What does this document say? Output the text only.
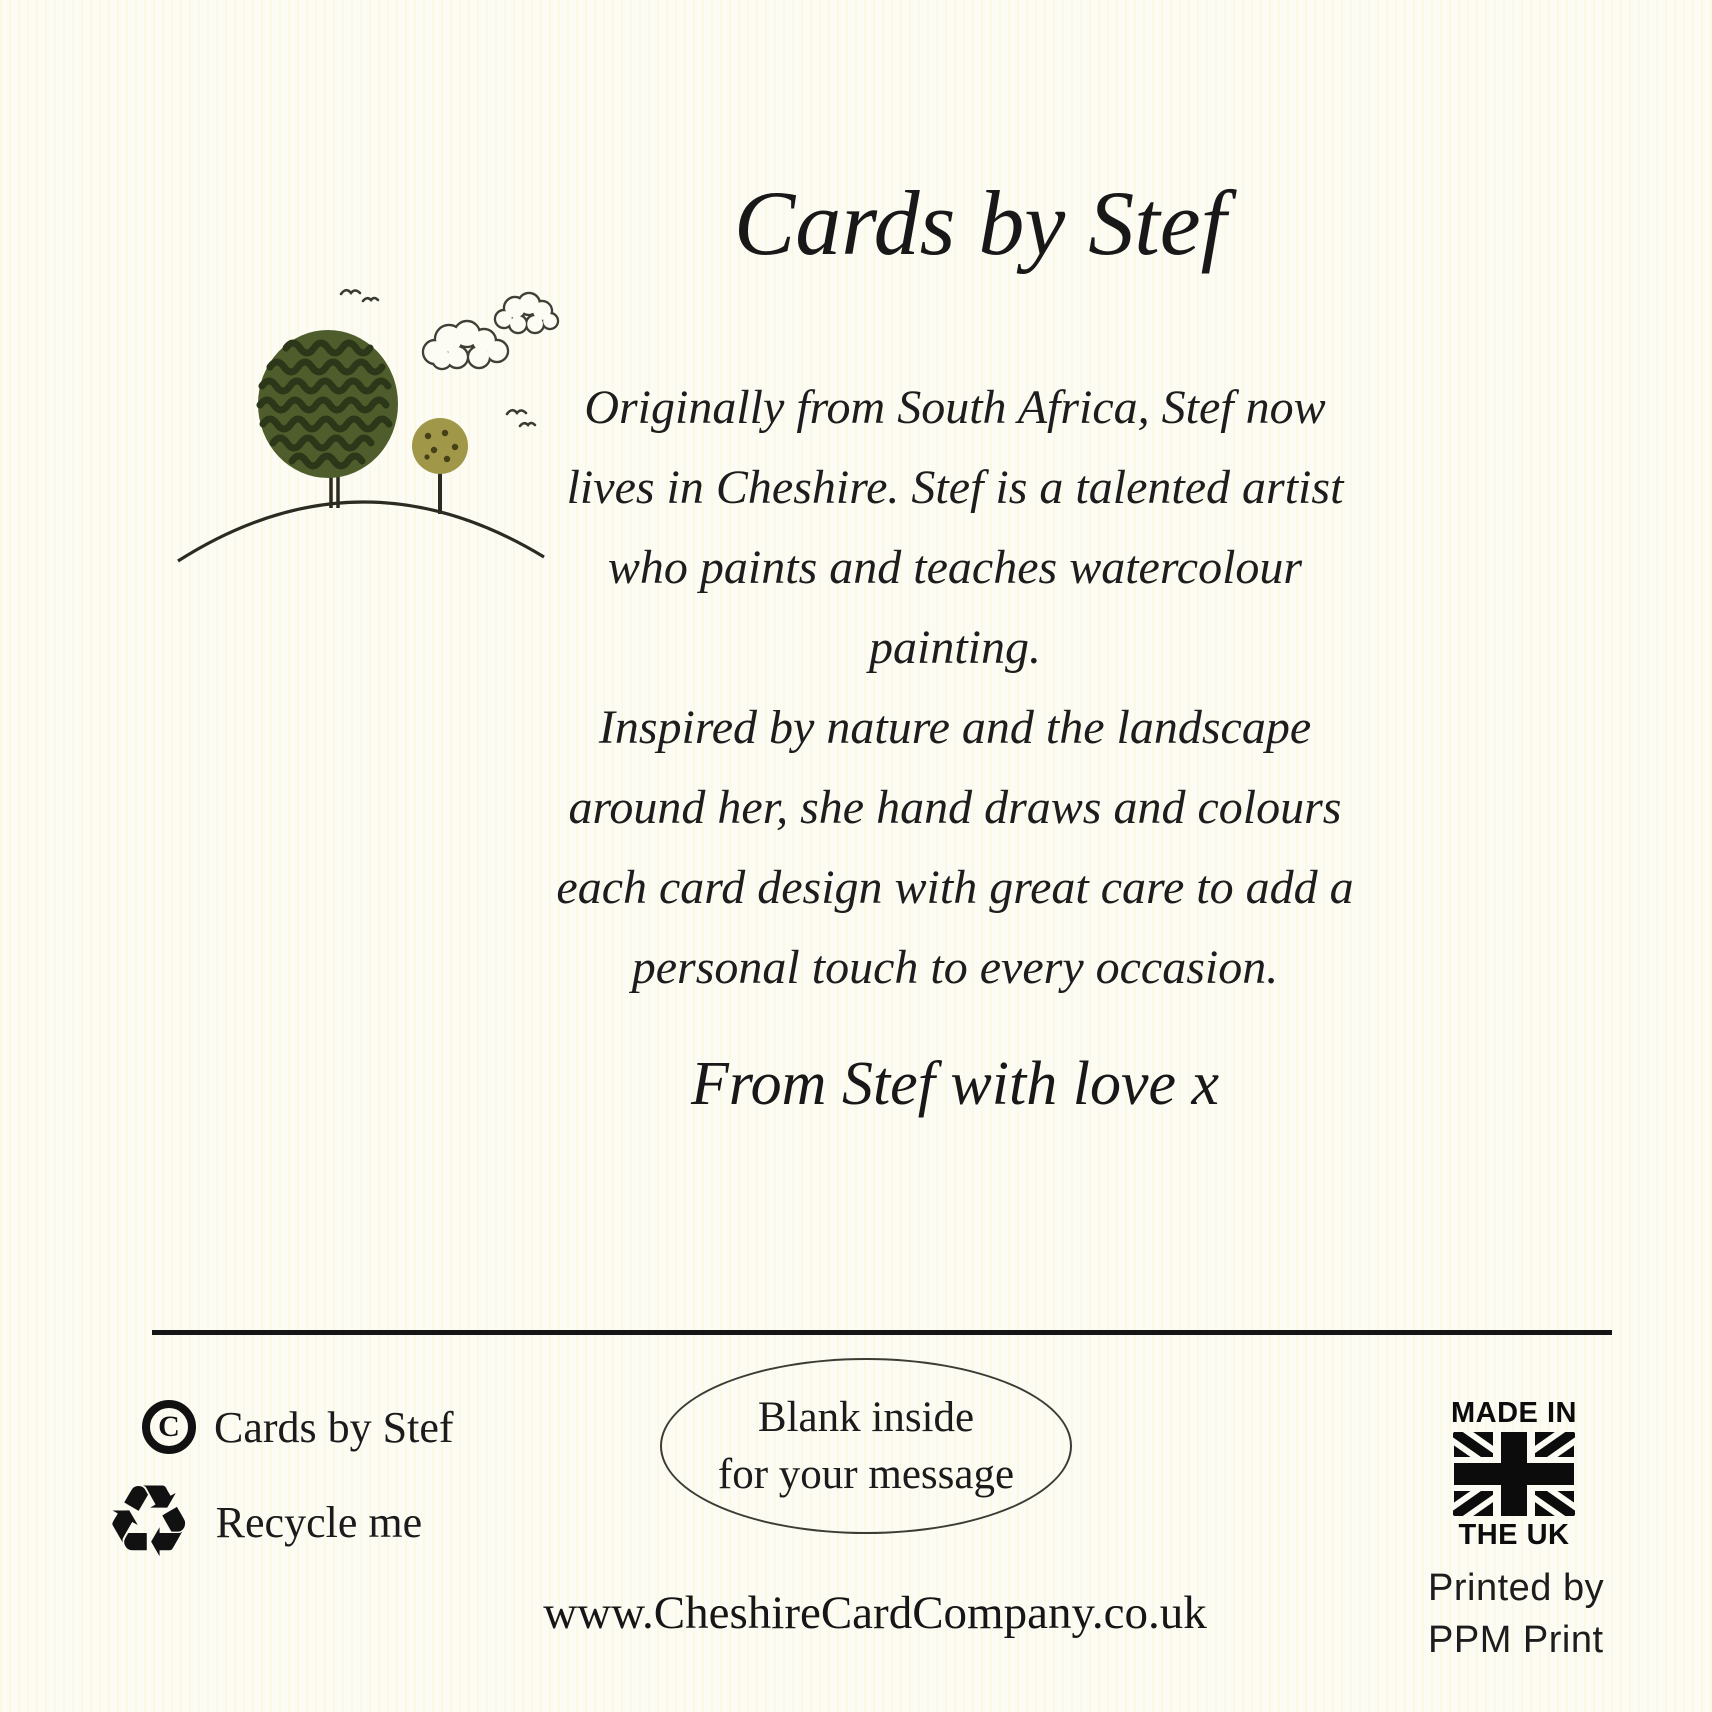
Cards by Stef
Originally from South Africa, Stef now
lives in Cheshire. Stef is a talented artist
who paints and teaches watercolour
painting.
Inspired by nature and the landscape
around her, she hand draws and colours
each card design with great care to add a
personal touch to every occasion.
From Stef with love x
C Cards by Stef
♻ Recycle me
Blank inside
for your message
MADE IN
THE UK
Printed by
PPM Print
www.CheshireCardCompany.co.uk
